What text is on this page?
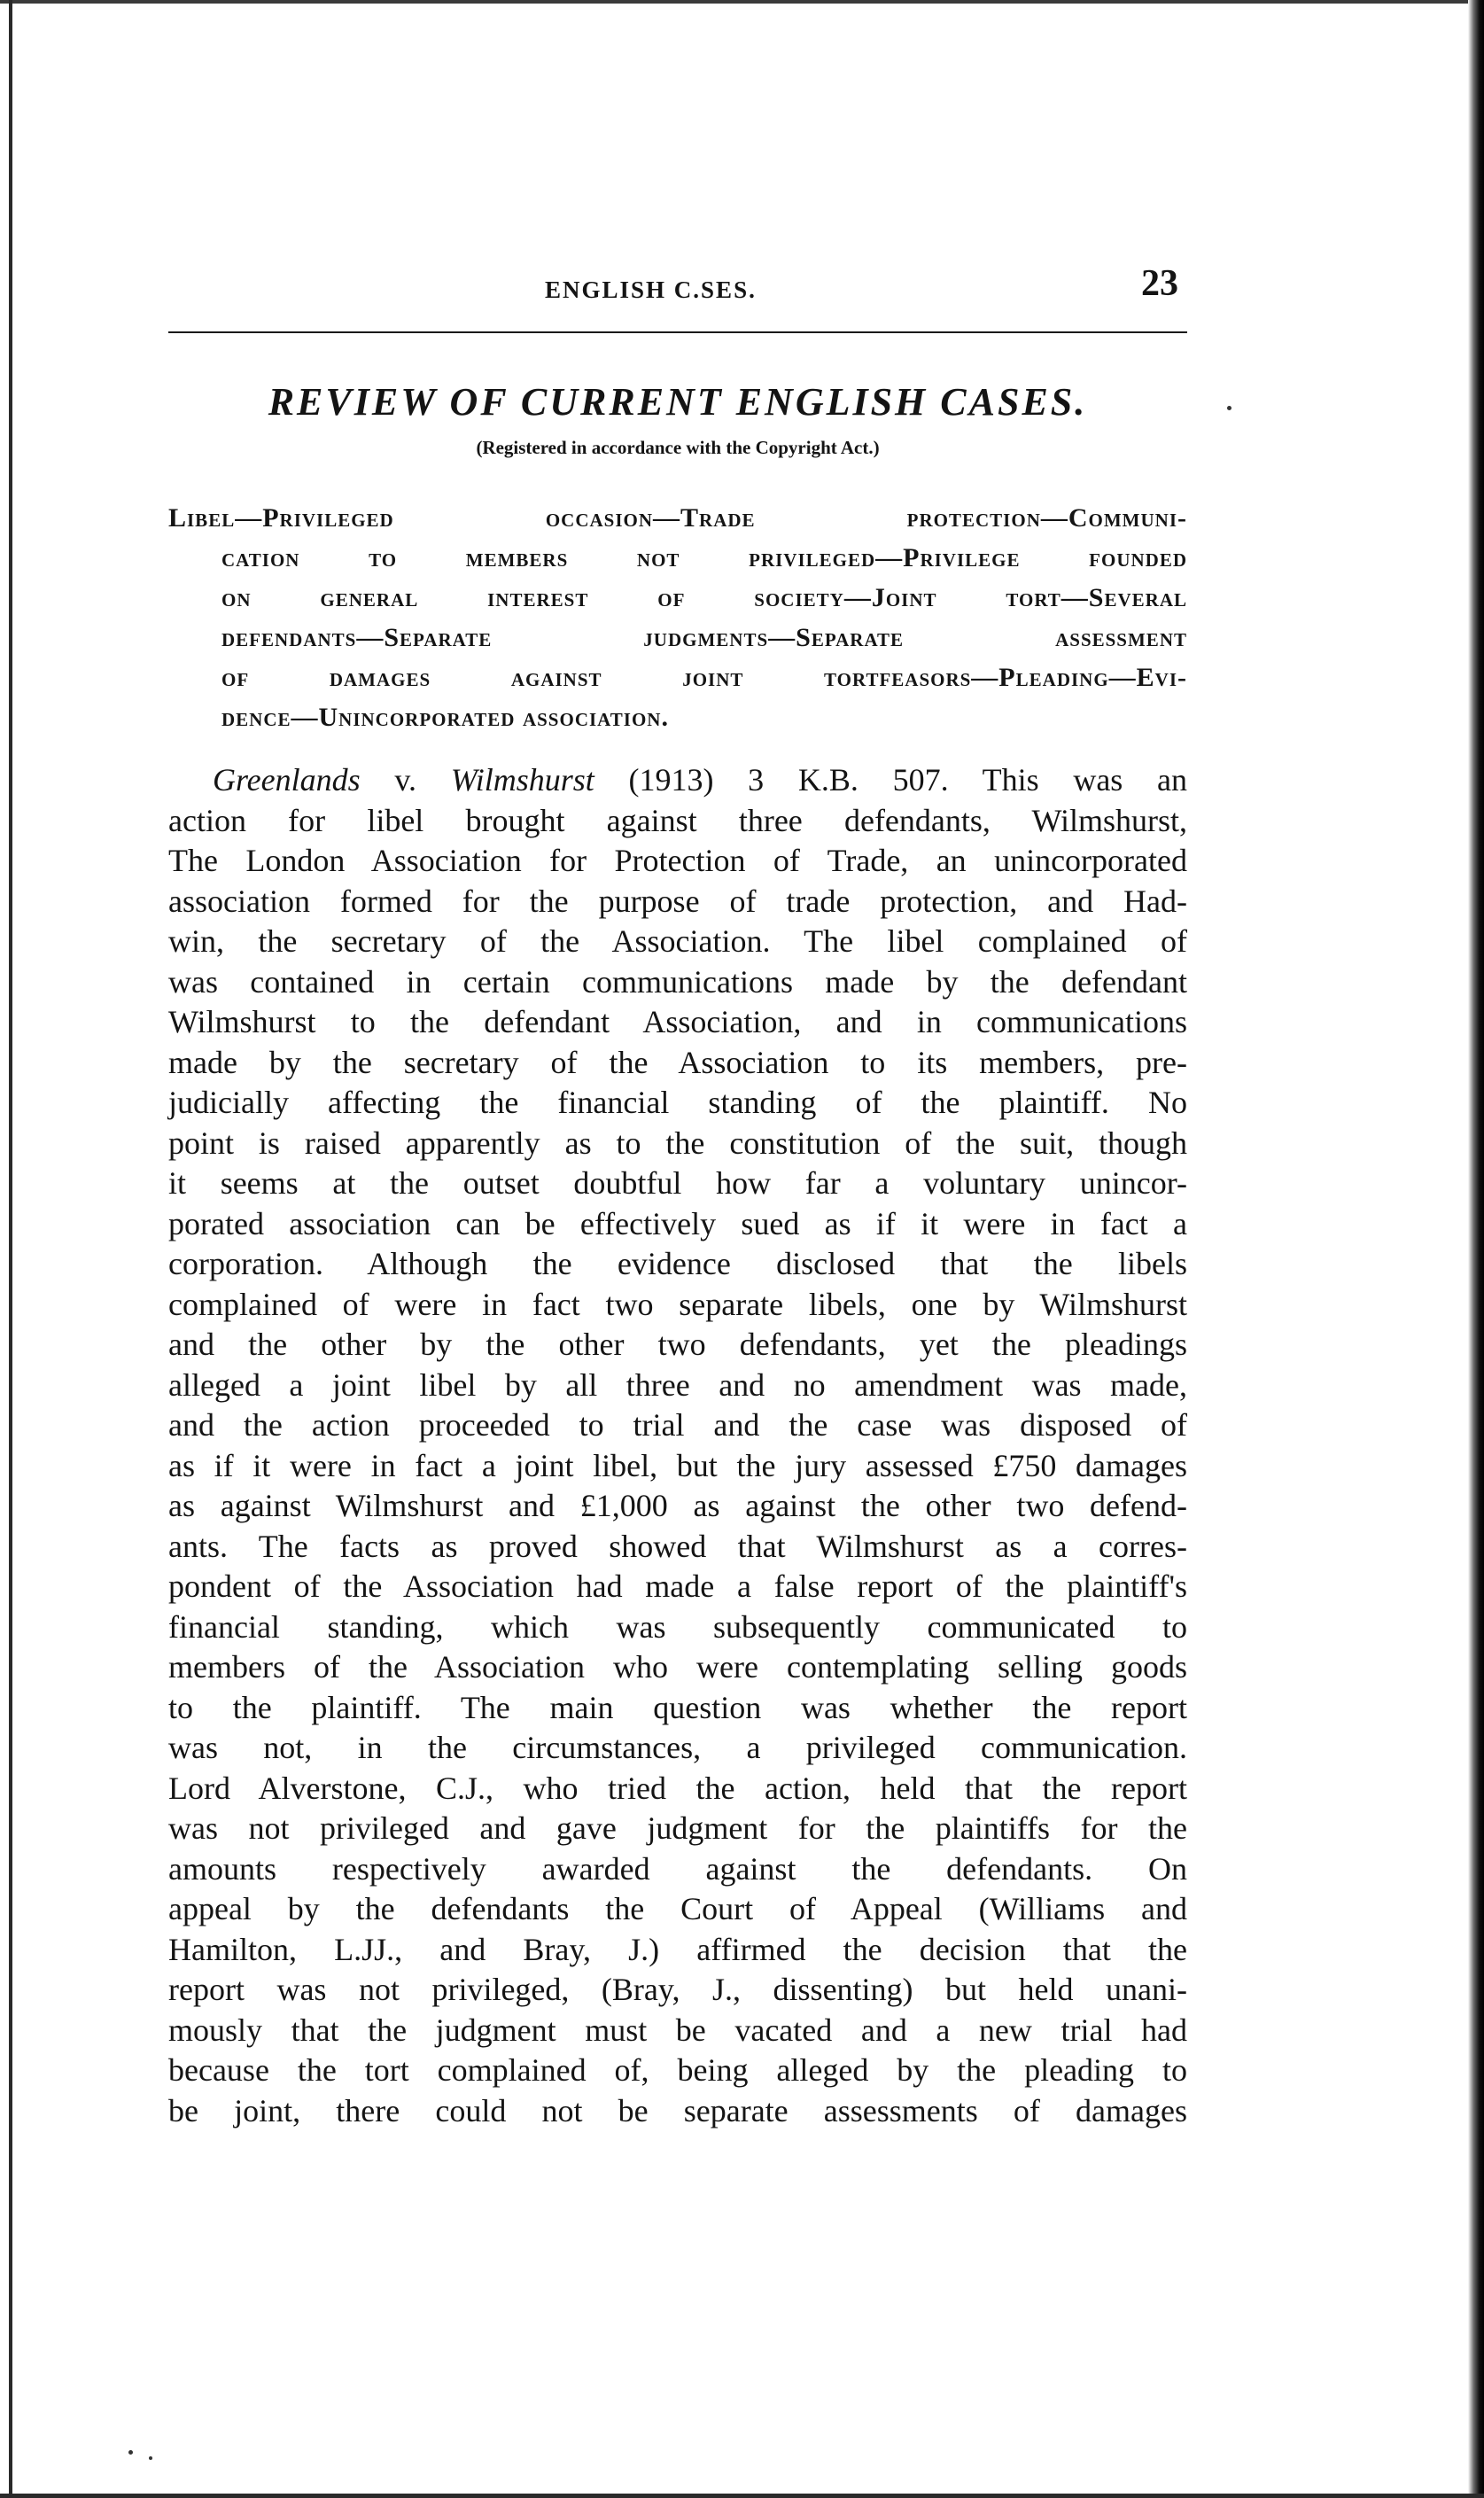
ENGLISH C.SES.	23
REVIEW OF CURRENT ENGLISH CASES.
(Registered in accordance with the Copyright Act.)
Libel—Privileged occasion—Trade protection—Communi-
cation to members not privileged—Privilege founded
on general interest of society—Joint tort—Several
defendants—Separate judgments—Separate assessment
of damages against joint tortfeasors—Pleading—Evi-
dence—Unincorporated association.
Greenlands v. Wilmshurst (1913) 3 K.B. 507. This was an
action for libel brought against three defendants, Wilmshurst,
The London Association for Protection of Trade, an unincorporated
association formed for the purpose of trade protection, and Had-
win, the secretary of the Association. The libel complained of
was contained in certain communications made by the defendant
Wilmshurst to the defendant Association, and in communications
made by the secretary of the Association to its members, pre-
judicially affecting the financial standing of the plaintiff. No
point is raised apparently as to the constitution of the suit, though
it seems at the outset doubtful how far a voluntary unincor-
porated association can be effectively sued as if it were in fact a
corporation. Although the evidence disclosed that the libels
complained of were in fact two separate libels, one by Wilmshurst
and the other by the other two defendants, yet the pleadings
alleged a joint libel by all three and no amendment was made,
and the action proceeded to trial and the case was disposed of
as if it were in fact a joint libel, but the jury assessed £750 damages
as against Wilmshurst and £1,000 as against the other two defend-
ants. The facts as proved showed that Wilmshurst as a corres-
pondent of the Association had made a false report of the plaintiff's
financial standing, which was subsequently communicated to
members of the Association who were contemplating selling goods
to the plaintiff. The main question was whether the report
was not, in the circumstances, a privileged communication.
Lord Alverstone, C.J., who tried the action, held that the report
was not privileged and gave judgment for the plaintiffs for the
amounts respectively awarded against the defendants. On
appeal by the defendants the Court of Appeal (Williams and
Hamilton, L.JJ., and Bray, J.) affirmed the decision that the
report was not privileged, (Bray, J., dissenting) but held unani-
mously that the judgment must be vacated and a new trial had
because the tort complained of, being alleged by the pleading to
be joint, there could not be separate assessments of damages
